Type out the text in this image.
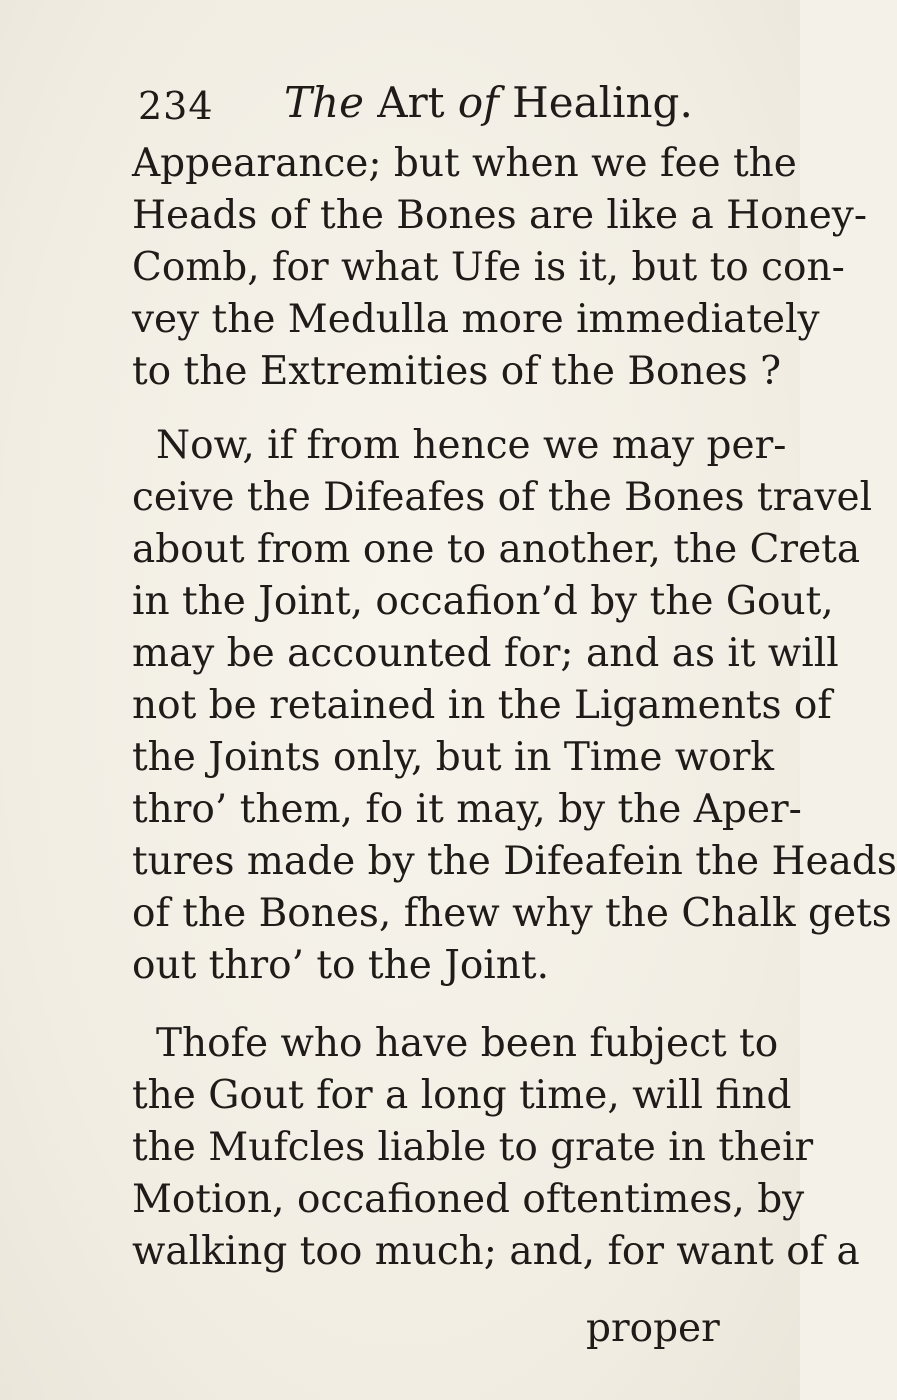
234 The Art of Healing.
Appearance; but when we fee the
Heads of the Bones are like a Honey-
Comb, for what Ufe is it, but to con-
vey the Medulla more immediately
to the Extremities of the Bones ?
Now, if from hence we may per-
ceive the Difeafes of the Bones travel
about from one to another, the Creta
in the Joint, occafion’d by the Gout,
may be accounted for; and as it will
not be retained in the Ligaments of
the Joints only, but in Time work
thro’ them, fo it may, by the Aper-
tures made by the Difeafein the Heads
of the Bones, fhew why the Chalk gets
out thro’ to the Joint.
Thofe who have been fubject to
the Gout for a long time, will find
the Mufcles liable to grate in their
Motion, occafioned oftentimes, by
walking too much; and, for want of a
proper
